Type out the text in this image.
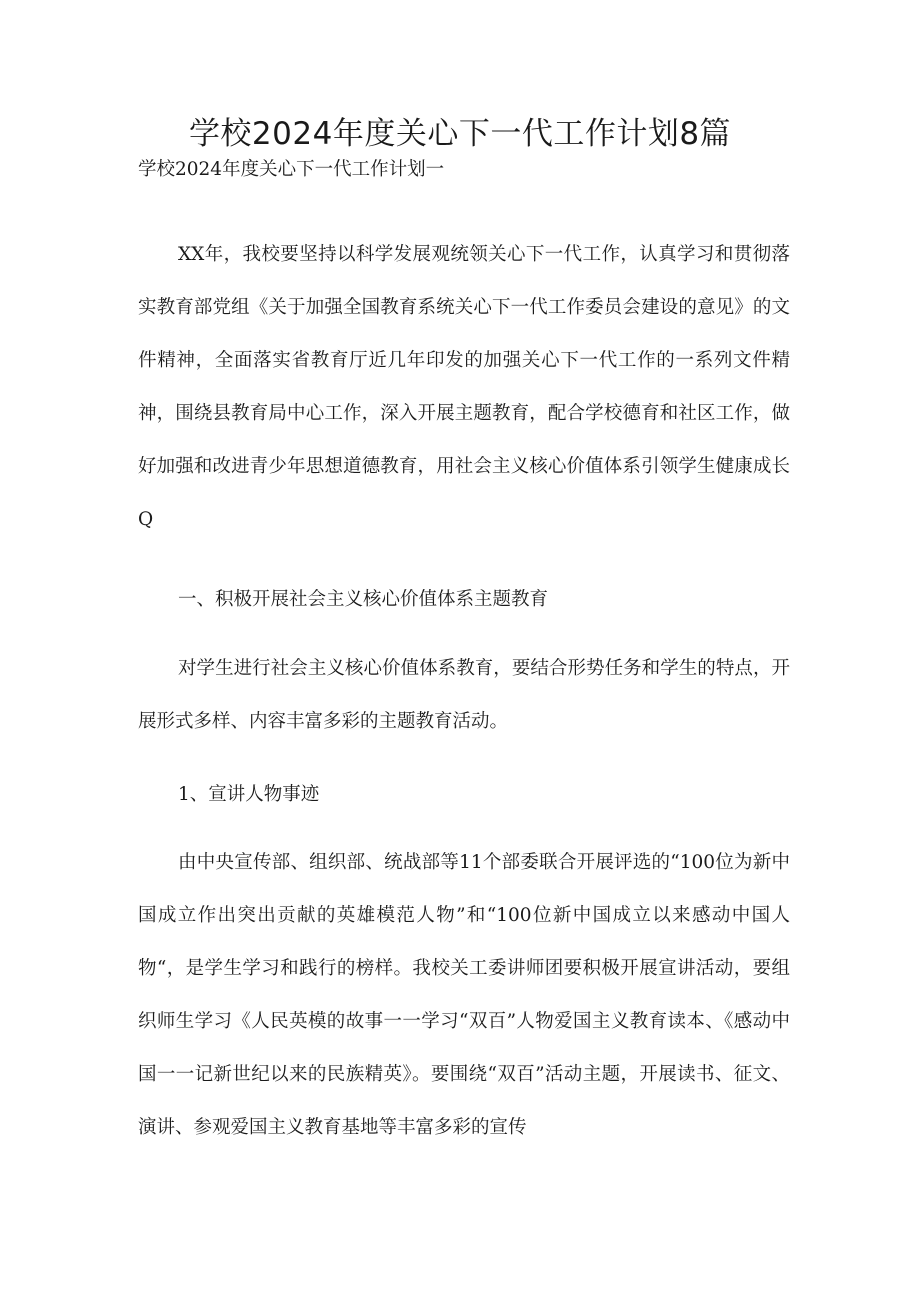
学校2024年度关心下一代工作计划8篇

学校2024年度关心下一代工作计划一

XX年，我校要坚持以科学发展观统领关心下一代工作，认真学习和贯彻落实教育部党组《关于加强全国教育系统关心下一代工作委员会建设的意见》的文件精神，全面落实省教育厅近几年印发的加强关心下一代工作的一系列文件精神，围绕县教育局中心工作，深入开展主题教育，配合学校德育和社区工作，做好加强和改进青少年思想道德教育，用社会主义核心价值体系引领学生健康成长Q

一、积极开展社会主义核心价值体系主题教育

对学生进行社会主义核心价值体系教育，要结合形势任务和学生的特点，开展形式多样、内容丰富多彩的主题教育活动。

1、宣讲人物事迹

由中央宣传部、组织部、统战部等11个部委联合开展评选的“100位为新中国成立作出突出贡献的英雄模范人物”和“100位新中国成立以来感动中国人物“，是学生学习和践行的榜样。我校关工委讲师团要积极开展宣讲活动，要组织师生学习《人民英模的故事一一学习“双百”人物爱国主义教育读本、《感动中国一一记新世纪以来的民族精英》。要围绕“双百”活动主题，开展读书、征文、演讲、参观爱国主义教育基地等丰富多彩的宣传
